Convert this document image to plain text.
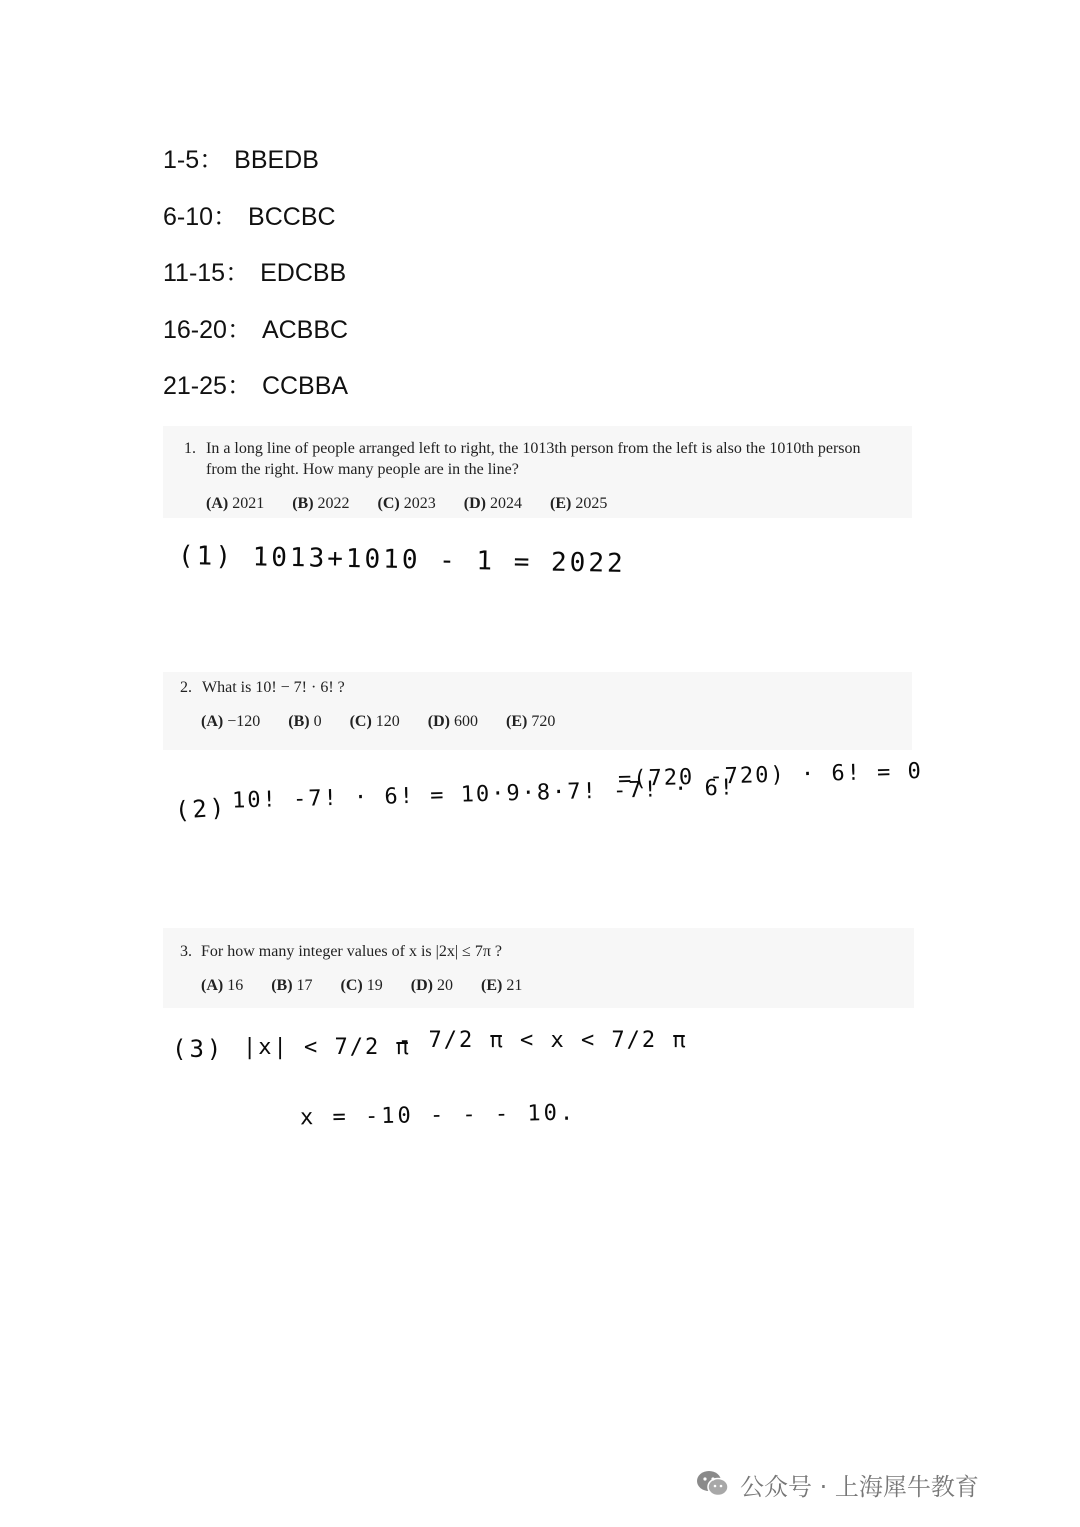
1-5： BBEDB
6-10： BCCBC
11-15： EDCBB
16-20： ACBBC
21-25： CCBBA
1. In a long line of people arranged left to right, the 1013th person from the left is also the 1010th person
from the right. How many people are in the line?
(A) 2021 (B) 2022 (C) 2023 (D) 2024 (E) 2025
(1) 1013+1010 - 1 = 2022
2. What is 10! − 7! · 6! ?
(A) −120 (B) 0 (C) 120 (D) 600 (E) 720
(2) 10! -7! · 6! = 10·9·8·7! -7! · 6!
=(720 -720) · 6! = 0
3. For how many integer values of x is |2x| ≤ 7π ?
(A) 16 (B) 17 (C) 19 (D) 20 (E) 21
(3) |x| < 7/2 π
- 7/2 π < x < 7/2 π
x = -10 - - - 10.
公众号 · 上海犀牛教育
